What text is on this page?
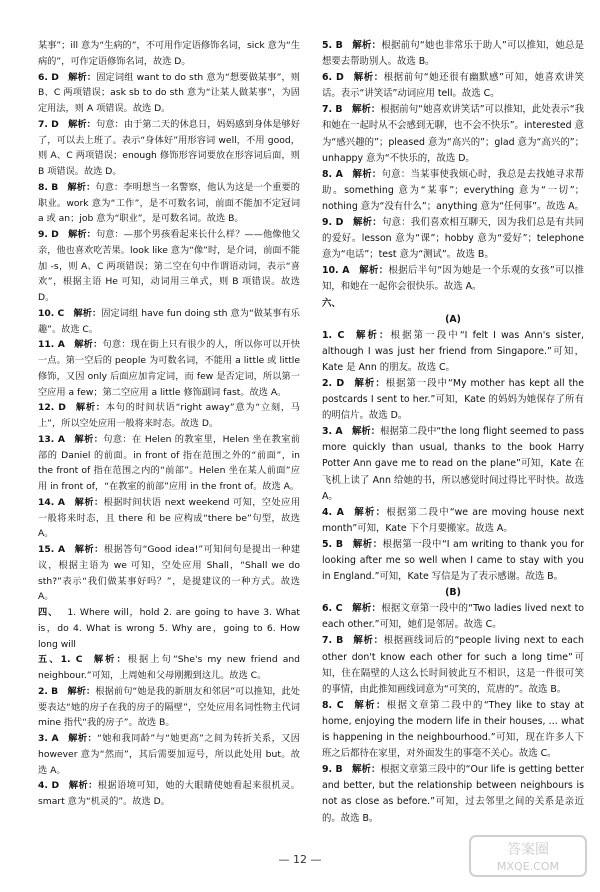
某事”；ill 意为“生病的”，不可用作定语修饰名词，sick 意为“生病的”，可作定语修饰名词，故选 D。

6. D  解析：固定词组 want to do sth 意为“想要做某事”，则 B、C 两项错误；ask sb to do sth 意为“让某人做某事”，为固定用法，则 A 项错误。故选 D。

7. D  解析：句意：由于第二天的休息日，妈妈感到身体是够好了，可以去上班了。表示“身体好”用形容词 well，不用 good，则 A、C 两项错误；enough 修饰形容词要放在形容词后面，则 B 项错误。故选 D。

8. B  解析：句意：李明想当一名警察，他认为这是一个重要的职业。work 意为“工作”，是不可数名词，前面不能加不定冠词 a 或 an；job 意为“职业”，是可数名词。故选 B。

9. D  解析：句意：—那个男孩看起来长什么样？——他像他父亲，他也喜欢吃苦果。look like 意为“像”时，是介词，前面不能加 -s，则 A、C 两项错误；第二空在句中作谓语动词，表示“喜欢”，根据主语 He 可知，动词用三单式，则 B 项错误。故选 D。

10. C  解析：固定词组 have fun doing sth 意为“做某事有乐趣”。故选 C。

11. A  解析：句意：现在街上只有很少的人，所以你可以开快一点。第一空后的 people 为可数名词，不能用 a little 或 little 修饰，又因 only 后面应加肯定词，而 few 是否定词，所以第一空应用 a few；第二空应用 a little 修饰副词 fast。故选 A。

12. D  解析：本句的时间状语“right away”意为“立刻，马上”，所以空处应用一般将来时态。故选 D。

13. A  解析：句意：在 Helen 的教室里，Helen 坐在教室前部的 Daniel 的前面。in front of 指在范围之外的“前面”，in the front of 指在范围之内的“前部”。Helen 坐在某人前面”应用 in front of，“在教室的前部”应用 in the front of。故选 A。

14. A  解析：根据时间状语 next weekend 可知，空处应用一般将来时态，且 there 和 be 应构成“there be”句型，故选 A。

15. A  解析：根据答句“Good idea!”可知问句是提出一种建议，根据主语为 we 可知，空处应用 Shall，“Shall we do sth?”表示“我们做某事好吗？”，是提建议的一种方式。故选 A。

四、  1. Where will，hold 2. are going to have 3. What is，do 4. What is wrong 5. Why are，going to 6. How long will

五、1. C  解析：根据上句“She's my new friend and neighbour.”可知，上周她和父母刚搬到这儿。故选 C。

2. B  解析：根据前句“她是我的新朋友和邻居”可以推知，此处要表达“她的房子在我的房子的隔壁”，空处应用名词性物主代词 mine 指代“我的房子”。故选 B。

3. A  解析：“她和我同龄”与“她更高”之间为转折关系，又因 however 意为“然而”，其后需要加逗号，所以此处用 but。故选 A。

4. D  解析：根据语境可知，她的大眼睛使她看起来很机灵。smart 意为“机灵的”。故选 D。

5. B  解析：根据前句“她也非常乐于助人”可以推知，她总是想要去帮助别人。故选 B。

6. D  解析：根据前句“她还很有幽默感”可知，她喜欢讲笑话。表示“讲笑话”动词应用 tell。故选 C。

7. B  解析：根据前句“她喜欢讲笑话”可以推知，此处表示“我和她在一起时从不会感到无聊，也不会不快乐”。interested 意为“感兴趣的”；pleased 意为“高兴的”；glad 意为“高兴的”；unhappy 意为“不快乐的，故选 D。

8. A  解析：句意：当某事使我烦心时，我总是去找她寻求帮助。something 意为“某事”；everything 意为“一切”；nothing 意为“没有什么”；anything 意为“任何事”。故选 A。

9. D  解析：句意：我们喜欢相互聊天，因为我们总是有共同的爱好。lesson 意为“课”；hobby 意为“爱好”；telephone 意为“电话”；test 意为“测试”。故选 B。

10. A  解析：根据后半句“因为她是一个乐观的女孩”可以推知，和她在一起你会很快乐。故选 A。

六、

(A)

1. C  解析：根据第一段中“I felt I was Ann's sister, although I was just her friend from Singapore.”可知，Kate 是 Ann 的朋友。故选 C。

2. D  解析：根据第一段中“My mother has kept all the postcards I sent to her.”可知，Kate 的妈妈为她保存了所有的明信片。故选 D。

3. A  解析：根据第二段中“the long flight seemed to pass more quickly than usual, thanks to the book Harry Potter Ann gave me to read on the plane”可知，Kate 在飞机上读了 Ann 给她的书，所以感觉时间过得比平时快。故选 A。

4. A  解析：根据第二段中“we are moving house next month”可知，Kate 下个月要搬家。故选 A。

5. B  解析：根据第一段中“I am writing to thank you for looking after me so well when I came to stay with you in England.”可知，Kate 写信是为了表示感谢。故选 B。

(B)

6. C  解析：根据文章第一段中的“Two ladies lived next to each other.”可知，她们是邻居。故选 C。

7. B  解析：根据画线词后的“people living next to each other don't know each other for such a long time”可知，住在隔壁的人这么长时间彼此互不相识，这是一件很可笑的事情，由此推知画线词意为“可笑的，荒唐的”。故选 B。

8. C  解析：根据文章第二段中的“They like to stay at home, enjoying the modern life in their houses, … what is happening in the neighbourhood.”可知，现在许多人下班之后都待在家里，对外面发生的事毫不关心。故选 C。

9. B  解析：根据文章第三段中的“Our life is getting better and better, but the relationship between neighbours is not as close as before.”可知，过去邻里之间的关系是亲近的。故选 B。

— 12 —
答案圈
MXQE.COM
